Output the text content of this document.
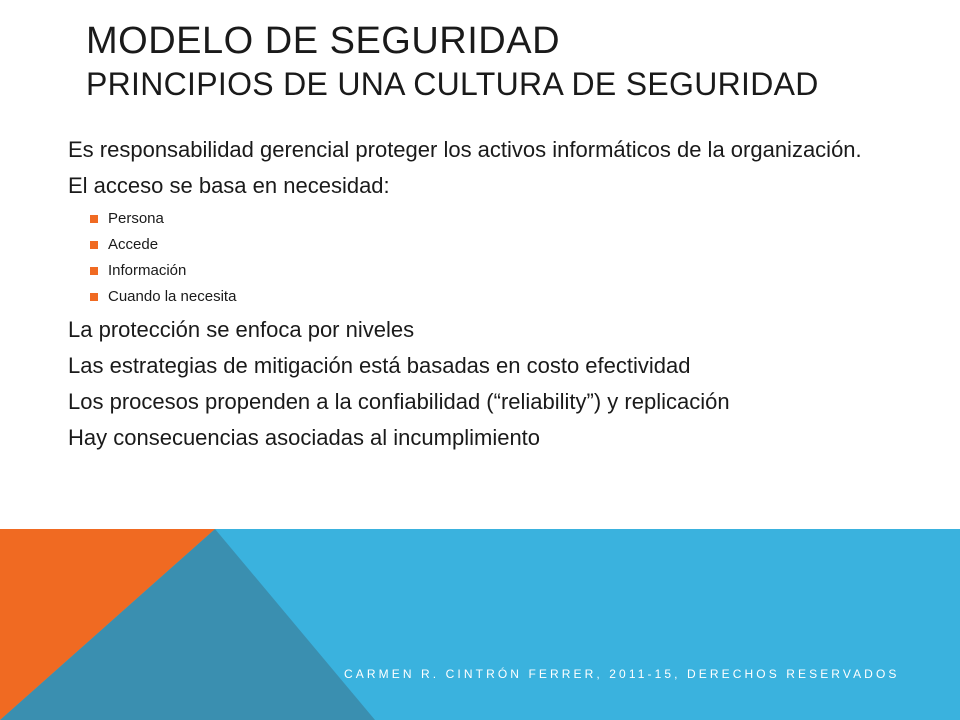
MODELO DE SEGURIDAD
PRINCIPIOS DE UNA CULTURA DE SEGURIDAD
Es responsabilidad gerencial proteger los activos informáticos de la organización.
El acceso se basa en necesidad:
Persona
Accede
Información
Cuando la necesita
La protección se enfoca por niveles
Las estrategias de mitigación está basadas en costo efectividad
Los procesos propenden a la confiabilidad (“reliability”) y replicación
Hay consecuencias asociadas al incumplimiento
CARMEN R. CINTRÓN FERRER, 2011-15, DERECHOS RESERVADOS
